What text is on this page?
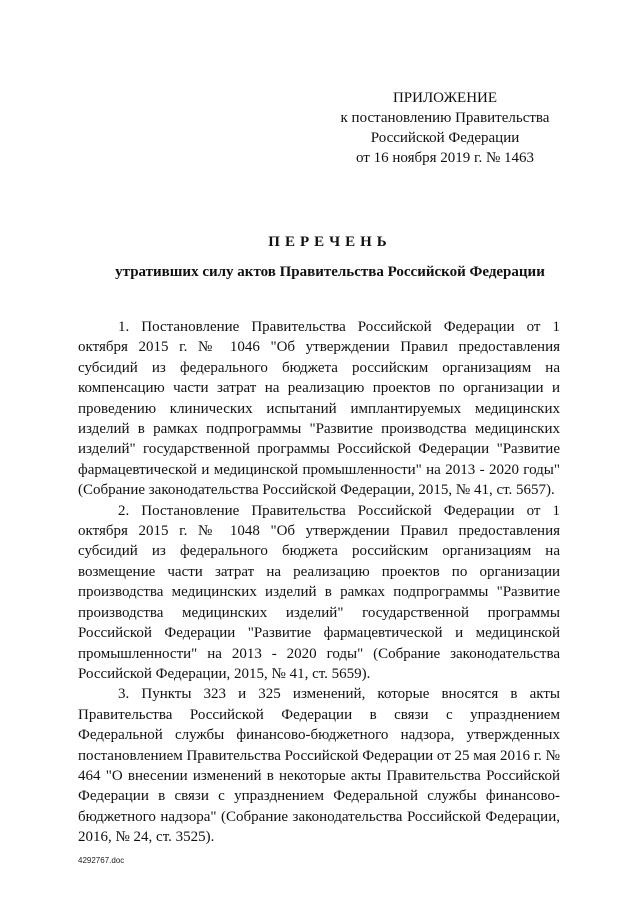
ПРИЛОЖЕНИЕ
к постановлению Правительства
Российской Федерации
от 16 ноября 2019 г. № 1463
ПЕРЕЧЕНЬ
утративших силу актов Правительства Российской Федерации

1. Постановление Правительства Российской Федерации от 1 октября 2015 г. № 1046 "Об утверждении Правил предоставления субсидий из федерального бюджета российским организациям на компенсацию части затрат на реализацию проектов по организации и проведению клинических испытаний имплантируемых медицинских изделий в рамках подпрограммы "Развитие производства медицинских изделий" государственной программы Российской Федерации "Развитие фармацевтической и медицинской промышленности" на 2013 - 2020 годы" (Собрание законодательства Российской Федерации, 2015, № 41, ст. 5657).

2. Постановление Правительства Российской Федерации от 1 октября 2015 г. № 1048 "Об утверждении Правил предоставления субсидий из федерального бюджета российским организациям на возмещение части затрат на реализацию проектов по организации производства медицинских изделий в рамках подпрограммы "Развитие производства медицинских изделий" государственной программы Российской Федерации "Развитие фармацевтической и медицинской промышленности" на 2013 - 2020 годы" (Собрание законодательства Российской Федерации, 2015, № 41, ст. 5659).

3. Пункты 323 и 325 изменений, которые вносятся в акты Правительства Российской Федерации в связи с упразднением Федеральной службы финансово-бюджетного надзора, утвержденных постановлением Правительства Российской Федерации от 25 мая 2016 г. № 464 "О внесении изменений в некоторые акты Правительства Российской Федерации в связи с упразднением Федеральной службы финансово-бюджетного надзора" (Собрание законодательства Российской Федерации, 2016, № 24, ст. 3525).

4292767.doc
